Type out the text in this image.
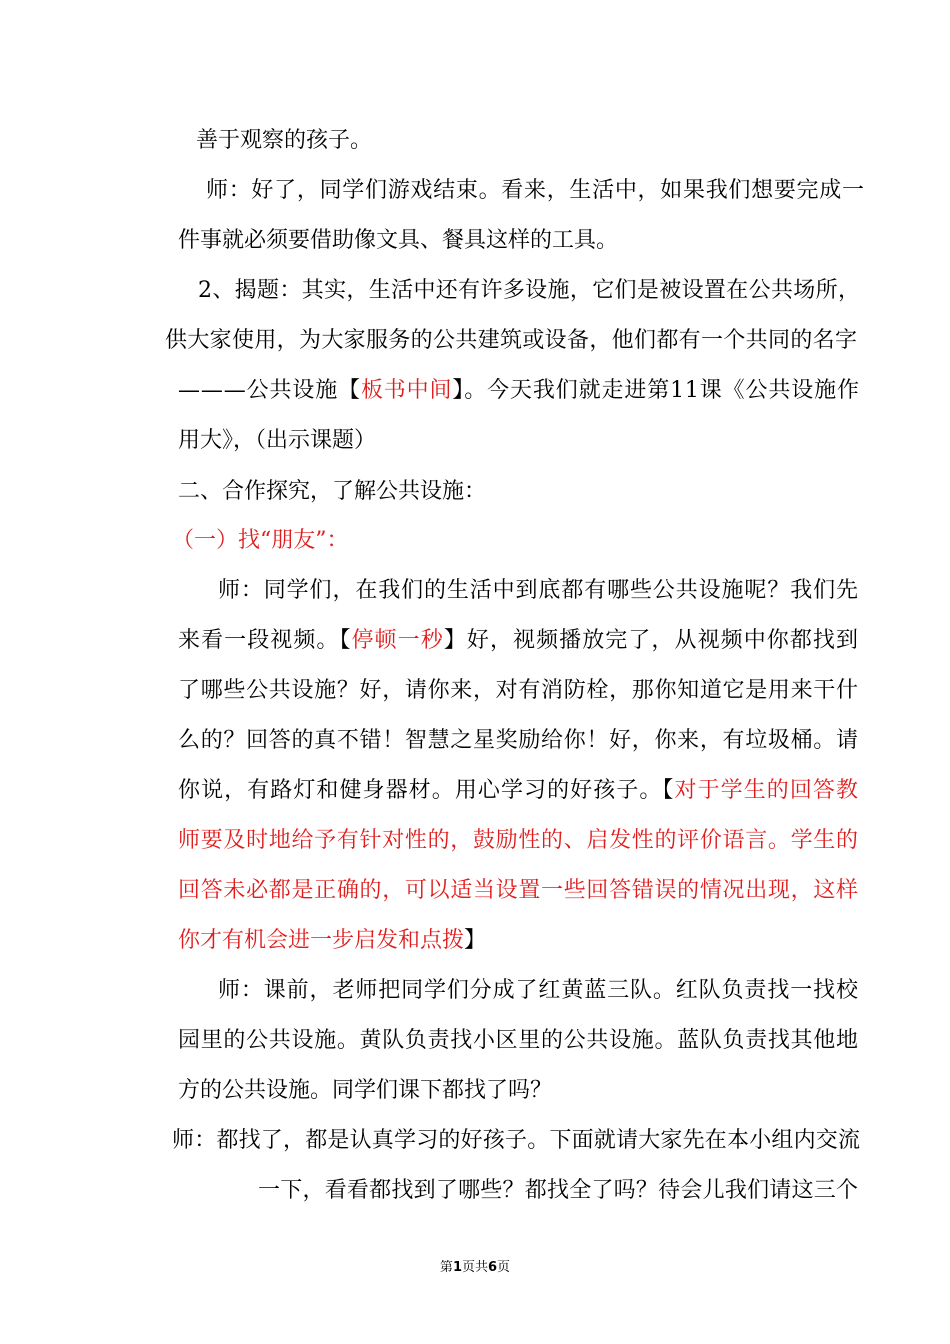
善于观察的孩子。
师：好了，同学们游戏结束。看来，生活中，如果我们想要完成一
件事就必须要借助像文具、餐具这样的工具。
2、揭题：其实，生活中还有许多设施，它们是被设置在公共场所，
供大家使用，为大家服务的公共建筑或设备，他们都有一个共同的名字
———公共设施【板书中间】。今天我们就走进第11课《公共设施作
用大》，（出示课题）
二、合作探究，了解公共设施：
（一）找“朋友”：
师：同学们，在我们的生活中到底都有哪些公共设施呢？我们先
来看一段视频。【停顿一秒】好，视频播放完了，从视频中你都找到
了哪些公共设施？好，请你来，对有消防栓，那你知道它是用来干什
么的？回答的真不错！智慧之星奖励给你！好，你来，有垃圾桶。请
你说，有路灯和健身器材。用心学习的好孩子。【对于学生的回答教
师要及时地给予有针对性的，鼓励性的、启发性的评价语言。学生的
回答未必都是正确的，可以适当设置一些回答错误的情况出现，这样
你才有机会进一步启发和点拨】
师：课前，老师把同学们分成了红黄蓝三队。红队负责找一找校
园里的公共设施。黄队负责找小区里的公共设施。蓝队负责找其他地
方的公共设施。同学们课下都找了吗？
师：都找了，都是认真学习的好孩子。下面就请大家先在本小组内交流
一下，看看都找到了哪些？都找全了吗？待会儿我们请这三个
第1页共6页
